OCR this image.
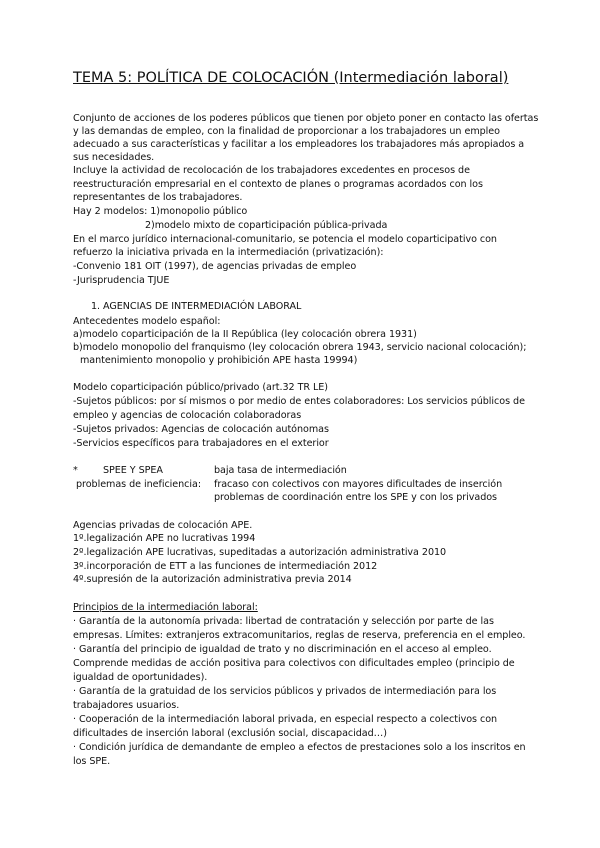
TEMA 5: POLÍTICA DE COLOCACIÓN (Intermediación laboral)
Conjunto de acciones de los poderes públicos que tienen por objeto poner en contacto las ofertas
y las demandas de empleo, con la finalidad de proporcionar a los trabajadores un empleo
adecuado a sus características y facilitar a los empleadores los trabajadores más apropiados a
sus necesidades.
Incluye la actividad de recolocación de los trabajadores excedentes en procesos de
reestructuración empresarial en el contexto de planes o programas acordados con los
representantes de los trabajadores.
Hay 2 modelos: 1)monopolio público
2)modelo mixto de coparticipación pública-privada
En el marco jurídico internacional-comunitario, se potencia el modelo coparticipativo con
refuerzo la iniciativa privada en la intermediación (privatización):
-Convenio 181 OIT (1997), de agencias privadas de empleo
-Jurisprudencia TJUE
1. AGENCIAS DE INTERMEDIACIÓN LABORAL
Antecedentes modelo español:
a)modelo coparticipación de la II República (ley colocación obrera 1931)
b)modelo monopolio del franquismo (ley colocación obrera 1943, servicio nacional colocación);
mantenimiento monopolio y prohibición APE hasta 19994)
Modelo coparticipación público/privado (art.32 TR LE)
-Sujetos públicos: por sí mismos o por medio de entes colaboradores: Los servicios públicos de
empleo y agencias de colocación colaboradoras
-Sujetos privados: Agencias de colocación autónomas
-Servicios específicos para trabajadores en el exterior
*	SPEE Y SPEA	baja tasa de intermediación
problemas de ineficiencia: fracaso con colectivos con mayores dificultades de inserción
problemas de coordinación entre los SPE y con los privados
Agencias privadas de colocación APE.
1º.legalización APE no lucrativas 1994
2º.legalización APE lucrativas, supeditadas a autorización administrativa 2010
3º.incorporación de ETT a las funciones de intermediación 2012
4º.supresión de la autorización administrativa previa 2014
Principios de la intermediación laboral:
· Garantía de la autonomía privada: libertad de contratación y selección por parte de las
empresas. Límites: extranjeros extracomunitarios, reglas de reserva, preferencia en el empleo.
· Garantía del principio de igualdad de trato y no discriminación en el acceso al empleo.
Comprende medidas de acción positiva para colectivos con dificultades empleo (principio de
igualdad de oportunidades).
· Garantía de la gratuidad de los servicios públicos y privados de intermediación para los
trabajadores usuarios.
· Cooperación de la intermediación laboral privada, en especial respecto a colectivos con
dificultades de inserción laboral (exclusión social, discapacidad…)
· Condición jurídica de demandante de empleo a efectos de prestaciones solo a los inscritos en
los SPE.
